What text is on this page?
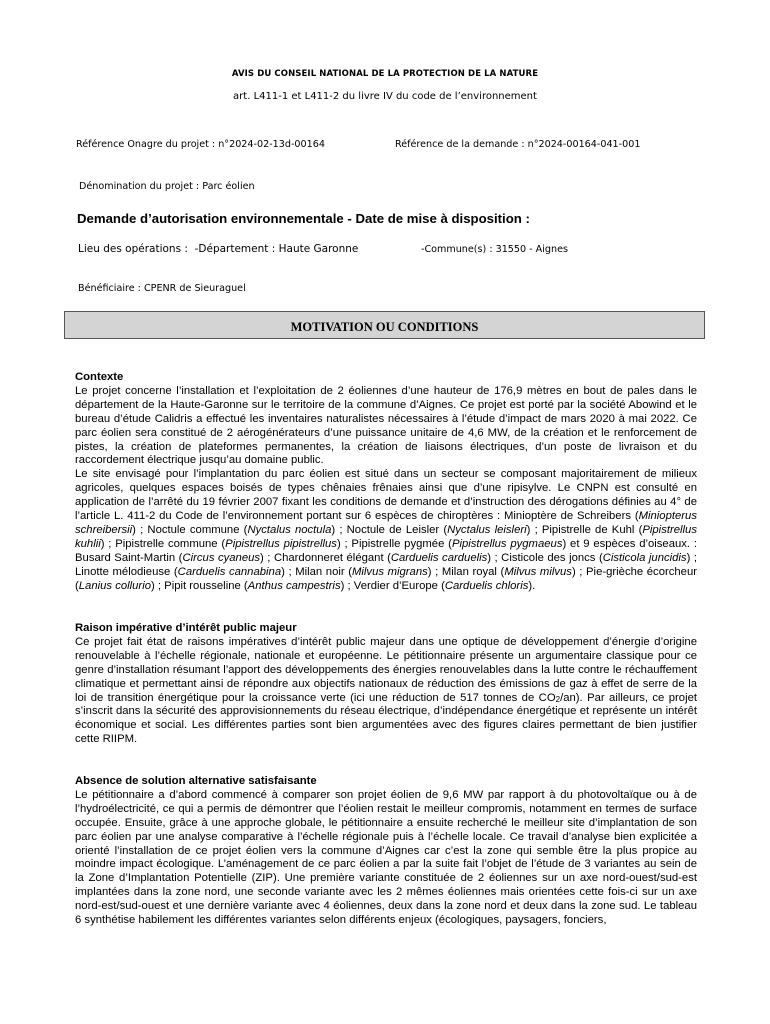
AVIS DU CONSEIL NATIONAL DE LA PROTECTION DE LA NATURE
art. L411-1 et L411-2 du livre IV du code de l’environnement
Référence Onagre du projet : n°2024-02-13d-00164	Référence de la demande : n°2024-00164-041-001
Dénomination du projet : Parc éolien
Demande d’autorisation environnementale - Date de mise à disposition :
Lieu des opérations : -Département : Haute Garonne	-Commune(s) : 31550 - Aignes
Bénéficiaire : CPENR de Sieuraguel
MOTIVATION OU CONDITIONS
Contexte
Le projet concerne l’installation et l’exploitation de 2 éoliennes d’une hauteur de 176,9 mètres en bout de pales dans le département de la Haute-Garonne sur le territoire de la commune d’Aignes. Ce projet est porté par la société Abowind et le bureau d’étude Calidris a effectué les inventaires naturalistes nécessaires à l’étude d’impact de mars 2020 à mai 2022. Ce parc éolien sera constitué de 2 aérogénérateurs d’une puissance unitaire de 4,6 MW, de la création et le renforcement de pistes, la création de plateformes permanentes, la création de liaisons électriques, d’un poste de livraison et du raccordement électrique jusqu’au domaine public.
Le site envisagé pour l’implantation du parc éolien est situé dans un secteur se composant majoritairement de milieux agricoles, quelques espaces boisés de types chênaies frênaies ainsi que d’une ripisylve. Le CNPN est consulté en application de l’arrêté du 19 février 2007 fixant les conditions de demande et d’instruction des dérogations définies au 4° de l’article L. 411-2 du Code de l’environnement portant sur 6 espèces de chiroptères : Minioptère de Schreibers (Miniopterus schreibersii) ; Noctule commune (Nyctalus noctula) ; Noctule de Leisler (Nyctalus leisleri) ; Pipistrelle de Kuhl (Pipistrellus kuhlii) ; Pipistrelle commune (Pipistrellus pipistrellus) ; Pipistrelle pygmée (Pipistrellus pygmaeus) et 9 espèces d’oiseaux. : Busard Saint-Martin (Circus cyaneus) ; Chardonneret élégant (Carduelis carduelis) ; Cisticole des joncs (Cisticola juncidis) ; Linotte mélodieuse (Carduelis cannabina) ; Milan noir (Milvus migrans) ; Milan royal (Milvus milvus) ; Pie-grièche écorcheur (Lanius collurio) ; Pipit rousseline (Anthus campestris) ; Verdier d’Europe (Carduelis chloris).
Raison impérative d’intérêt public majeur
Ce projet fait état de raisons impératives d’intérêt public majeur dans une optique de développement d’énergie d’origine renouvelable à l’échelle régionale, nationale et européenne. Le pétitionnaire présente un argumentaire classique pour ce genre d’installation résumant l’apport des développements des énergies renouvelables dans la lutte contre le réchauffement climatique et permettant ainsi de répondre aux objectifs nationaux de réduction des émissions de gaz à effet de serre de la loi de transition énergétique pour la croissance verte (ici une réduction de 517 tonnes de $CO_2/an$). Par ailleurs, ce projet s’inscrit dans la sécurité des approvisionnements du réseau électrique, d’indépendance énergétique et représente un intérêt économique et social. Les différentes parties sont bien argumentées avec des figures claires permettant de bien justifier cette RIIPM.
Absence de solution alternative satisfaisante
Le pétitionnaire a d’abord commencé à comparer son projet éolien de 9,6 MW par rapport à du photovoltaïque ou à de l’hydroélectricité, ce qui a permis de démontrer que l’éolien restait le meilleur compromis, notamment en termes de surface occupée. Ensuite, grâce à une approche globale, le pétitionnaire a ensuite recherché le meilleur site d’implantation de son parc éolien par une analyse comparative à l’échelle régionale puis à l’échelle locale. Ce travail d’analyse bien explicitée a orienté l’installation de ce projet éolien vers la commune d’Aignes car c’est la zone qui semble être la plus propice au moindre impact écologique. L’aménagement de ce parc éolien a par la suite fait l’objet de l’étude de 3 variantes au sein de la Zone d’Implantation Potentielle (ZIP). Une première variante constituée de 2 éoliennes sur un axe nord-ouest/sud-est implantées dans la zone nord, une seconde variante avec les 2 mêmes éoliennes mais orientées cette fois-ci sur un axe nord-est/sud-ouest et une dernière variante avec 4 éoliennes, deux dans la zone nord et deux dans la zone sud. Le tableau 6 synthétise habilement les différentes variantes selon différents enjeux (écologiques, paysagers, fonciers,
